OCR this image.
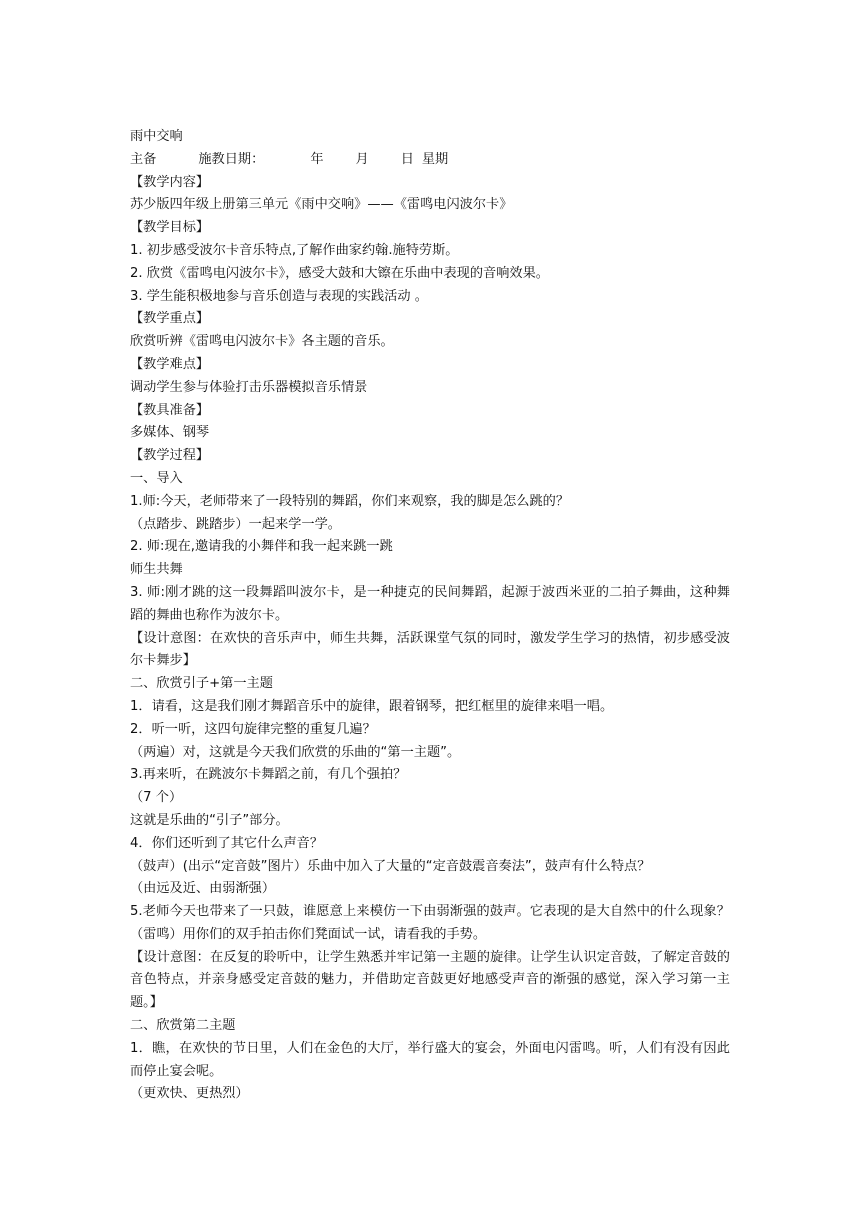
雨中交响
主备	施教日期：	年 月 日 星期
【教学内容】
苏少版四年级上册第三单元《雨中交响》——《雷鸣电闪波尔卡》
【教学目标】
1. 初步感受波尔卡音乐特点,了解作曲家约翰.施特劳斯。
2. 欣赏《雷鸣电闪波尔卡》，感受大鼓和大镲在乐曲中表现的音响效果。
3. 学生能积极地参与音乐创造与表现的实践活动 。
【教学重点】
欣赏听辨《雷鸣电闪波尔卡》各主题的音乐。
【教学难点】
调动学生参与体验打击乐器模拟音乐情景
【教具准备】
多媒体、钢琴
【教学过程】
一、导入
1.师:今天，老师带来了一段特别的舞蹈，你们来观察，我的脚是怎么跳的？
（点踏步、跳踏步）一起来学一学。
2. 师:现在,邀请我的小舞伴和我一起来跳一跳
师生共舞
3. 师:刚才跳的这一段舞蹈叫波尔卡，是一种捷克的民间舞蹈，起源于波西米亚的二拍子舞曲，这种舞蹈的舞曲也称作为波尔卡。
【设计意图：在欢快的音乐声中，师生共舞，活跃课堂气氛的同时，激发学生学习的热情，初步感受波尔卡舞步】
二、欣赏引子+第一主题
1．请看，这是我们刚才舞蹈音乐中的旋律，跟着钢琴，把红框里的旋律来唱一唱。
2．听一听，这四句旋律完整的重复几遍？
（两遍）对，这就是今天我们欣赏的乐曲的“第一主题”。
3.再来听，在跳波尔卡舞蹈之前，有几个强拍？
（7 个）
这就是乐曲的“引子”部分。
4．你们还听到了其它什么声音？
（鼓声）(出示“定音鼓”图片）乐曲中加入了大量的“定音鼓震音奏法”，鼓声有什么特点？
（由远及近、由弱渐强）
5.老师今天也带来了一只鼓，谁愿意上来模仿一下由弱渐强的鼓声。它表现的是大自然中的什么现象？（雷鸣）用你们的双手拍击你们凳面试一试，请看我的手势。
【设计意图：在反复的聆听中，让学生熟悉并牢记第一主题的旋律。让学生认识定音鼓，了解定音鼓的音色特点，并亲身感受定音鼓的魅力，并借助定音鼓更好地感受声音的渐强的感觉，深入学习第一主题。】
二、欣赏第二主题
1．瞧，在欢快的节日里，人们在金色的大厅，举行盛大的宴会，外面电闪雷鸣。听，人们有没有因此而停止宴会呢。
（更欢快、更热烈）
